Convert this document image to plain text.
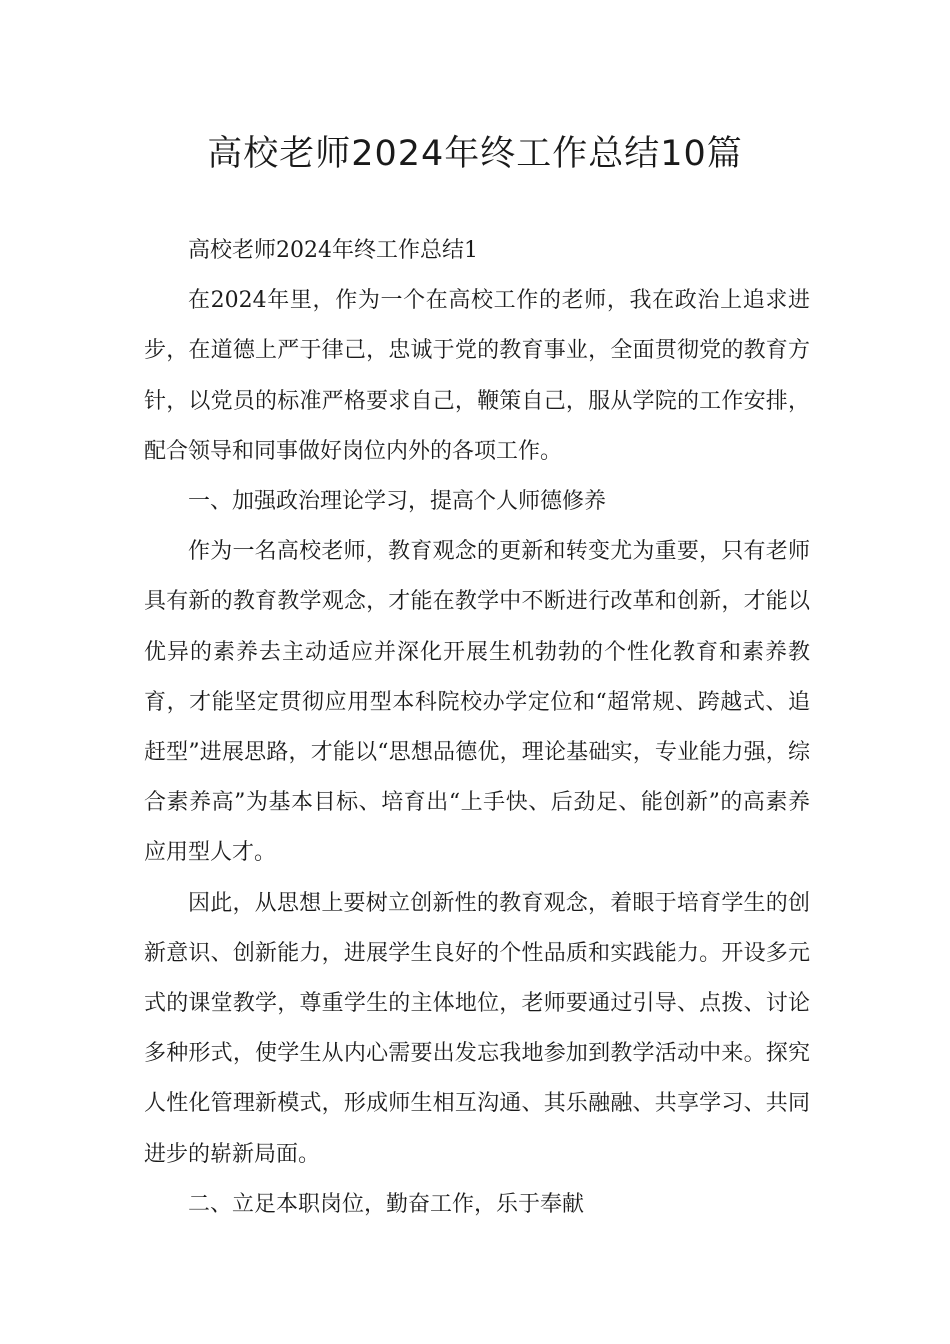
高校老师2024年终工作总结10篇

高校老师2024年终工作总结1

在2024年里，作为一个在高校工作的老师，我在政治上追求进步，在道德上严于律己，忠诚于党的教育事业，全面贯彻党的教育方针，以党员的标准严格要求自己，鞭策自己，服从学院的工作安排，配合领导和同事做好岗位内外的各项工作。

一、加强政治理论学习，提高个人师德修养

作为一名高校老师，教育观念的更新和转变尤为重要，只有老师具有新的教育教学观念，才能在教学中不断进行改革和创新，才能以优异的素养去主动适应并深化开展生机勃勃的个性化教育和素养教育，才能坚定贯彻应用型本科院校办学定位和“超常规、跨越式、追赶型”进展思路，才能以“思想品德优，理论基础实，专业能力强，综合素养高”为基本目标、培育出“上手快、后劲足、能创新”的高素养应用型人才。

因此，从思想上要树立创新性的教育观念，着眼于培育学生的创新意识、创新能力，进展学生良好的个性品质和实践能力。开设多元式的课堂教学，尊重学生的主体地位，老师要通过引导、点拨、讨论多种形式，使学生从内心需要出发忘我地参加到教学活动中来。探究人性化管理新模式，形成师生相互沟通、其乐融融、共享学习、共同进步的崭新局面。

二、立足本职岗位，勤奋工作，乐于奉献
